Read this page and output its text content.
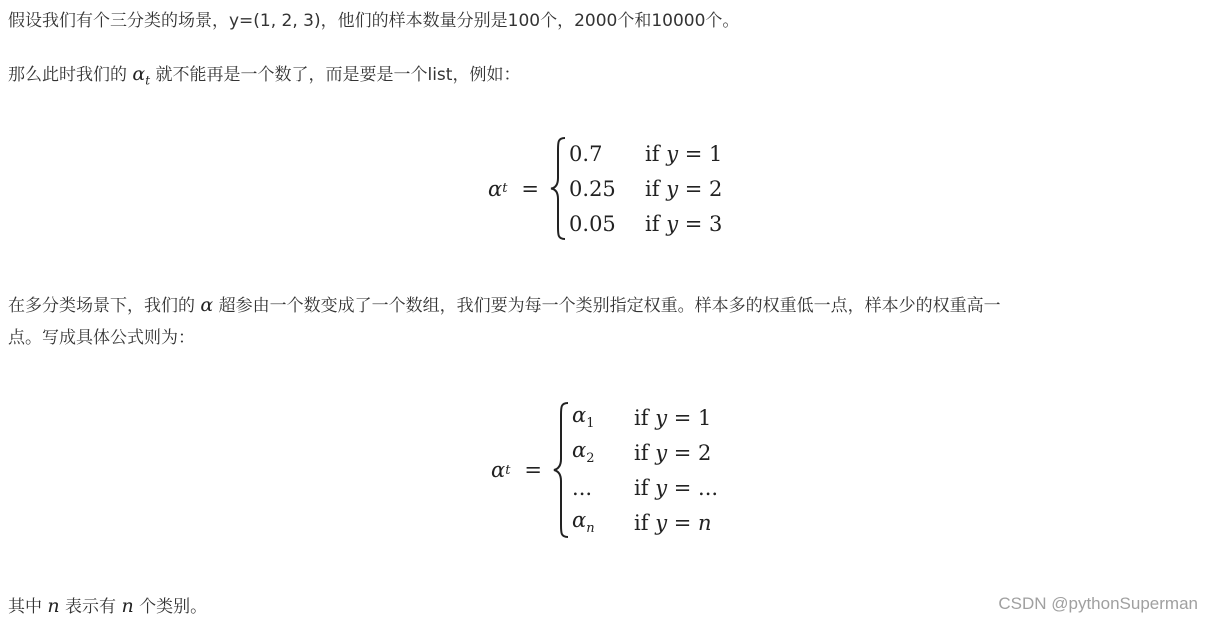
假设我们有个三分类的场景，y=(1, 2, 3)，他们的样本数量分别是100个，2000个和10000个。

那么此时我们的 $\alpha_t$ 就不能再是一个数了，而是要是一个list，例如：

α t =
0.7	if y = 1
0.25	if y = 2
0.05	if y = 3

在多分类场景下，我们的 α 超参由一个数变成了一个数组，我们要为每一个类别指定权重。样本多的权重低一点，样本少的权重高一

点。写成具体公式则为：

α t =
$\alpha_1$	if y = 1
$\alpha_2$	if y = 2
...	if y = ...
$\alpha_n$	if y = n

其中 n 表示有 n 个类别。	CSDN @pythonSuperman
